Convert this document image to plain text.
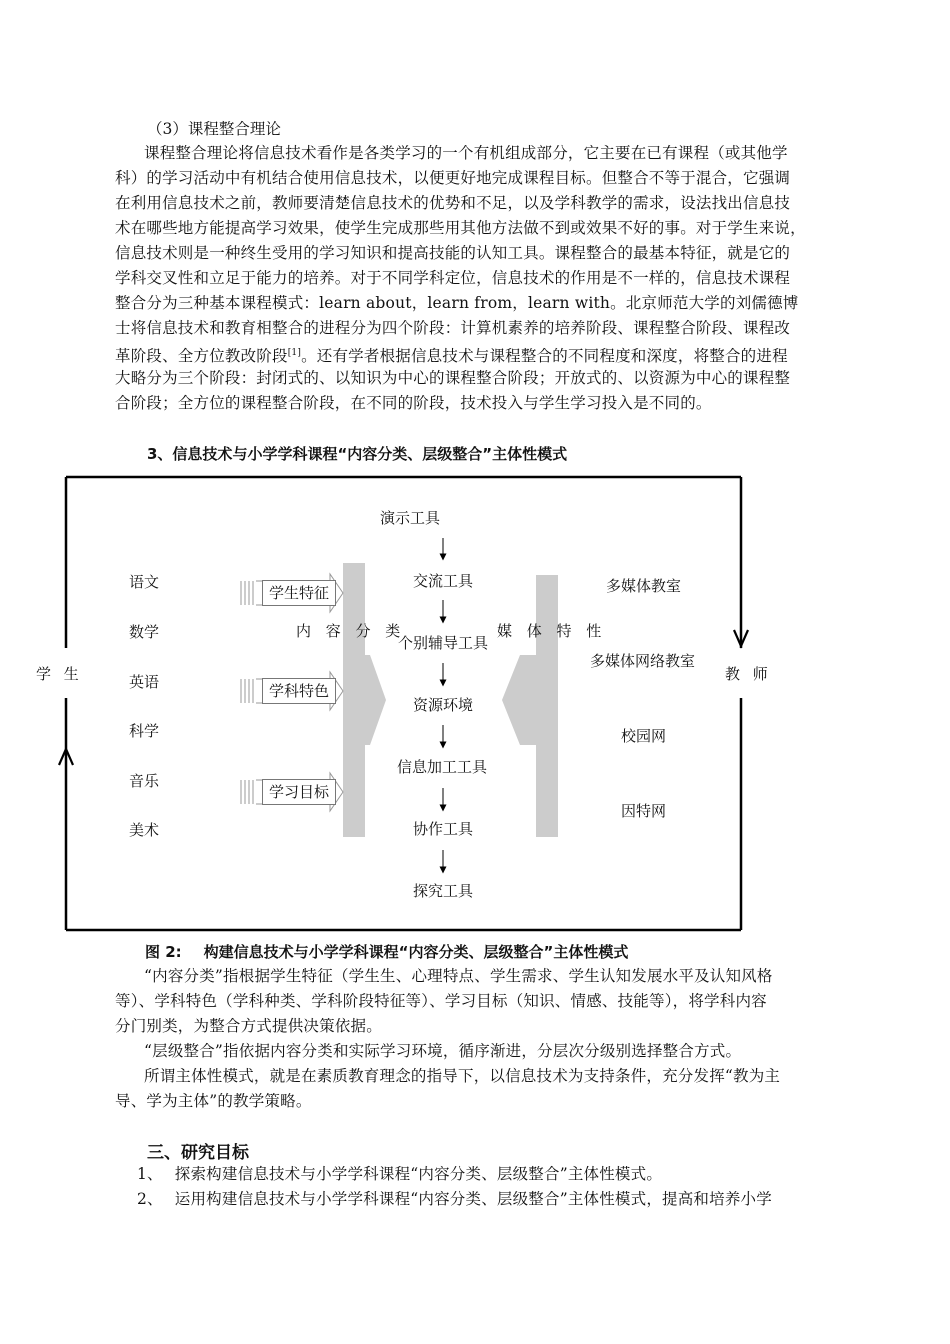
（3）课程整合理论
课程整合理论将信息技术看作是各类学习的一个有机组成部分，它主要在已有课程（或其他学
科）的学习活动中有机结合使用信息技术，以便更好地完成课程目标。但整合不等于混合，它强调
在利用信息技术之前，教师要清楚信息技术的优势和不足，以及学科教学的需求，设法找出信息技
术在哪些地方能提高学习效果，使学生完成那些用其他方法做不到或效果不好的事。对于学生来说，
信息技术则是一种终生受用的学习知识和提高技能的认知工具。课程整合的最基本特征，就是它的
学科交叉性和立足于能力的培养。对于不同学科定位，信息技术的作用是不一样的，信息技术课程
整合分为三种基本课程模式：learn about，learn from，learn with。北京师范大学的刘儒德博
士将信息技术和教育相整合的进程分为四个阶段：计算机素养的培养阶段、课程整合阶段、课程改
革阶段、全方位教改阶段[1]。还有学者根据信息技术与课程整合的不同程度和深度，将整合的进程
大略分为三个阶段：封闭式的、以知识为中心的课程整合阶段；开放式的、以资源为中心的课程整
合阶段；全方位的课程整合阶段，在不同的阶段，技术投入与学生学习投入是不同的。
3、信息技术与小学学科课程“内容分类、层级整合”主体性模式
学 生	教 师
语文
数学
英语
科学
音乐
美术
学生特征
学科特色
学习目标
内 容 分 类	媒 体 特 性
演示工具
交流工具
个别辅导工具
资源环境
信息加工工具
协作工具
探究工具
多媒体教室
多媒体网络教室
校园网
因特网
图 2: 构建信息技术与小学学科课程“内容分类、层级整合”主体性模式
“内容分类”指根据学生特征（学生生、心理特点、学生需求、学生认知发展水平及认知风格
等）、学科特色（学科种类、学科阶段特征等）、学习目标（知识、情感、技能等），将学科内容
分门别类，为整合方式提供决策依据。
“层级整合”指依据内容分类和实际学习环境，循序渐进，分层次分级别选择整合方式。
所谓主体性模式，就是在素质教育理念的指导下，以信息技术为支持条件，充分发挥“教为主
导、学为主体”的教学策略。
三、研究目标
1、 探索构建信息技术与小学学科课程“内容分类、层级整合”主体性模式。
2、 运用构建信息技术与小学学科课程“内容分类、层级整合”主体性模式，提高和培养小学
